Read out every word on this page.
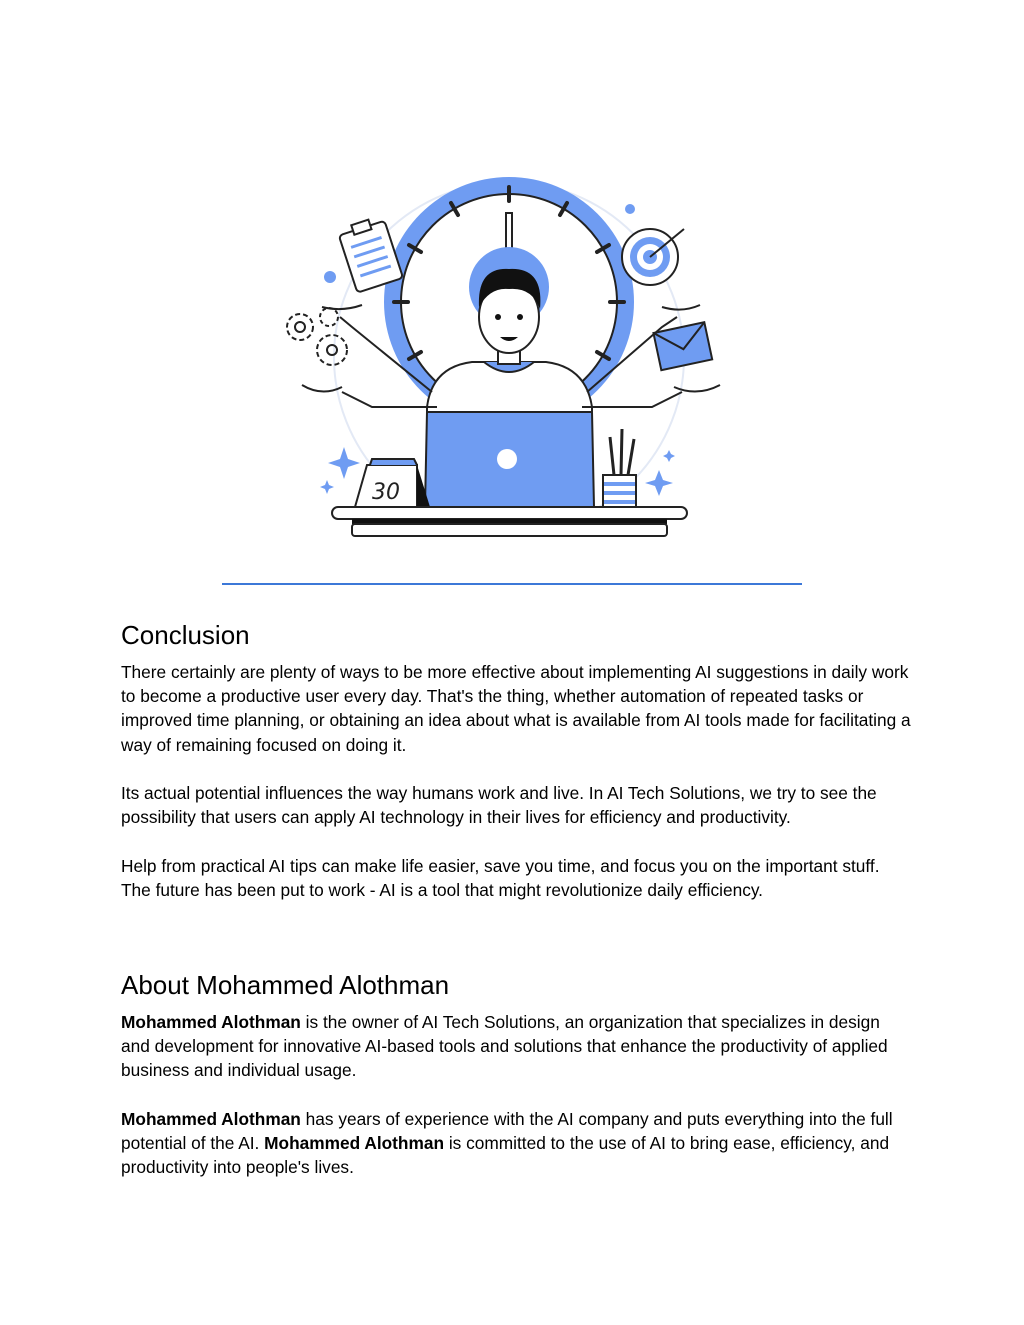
30
Conclusion

There certainly are plenty of ways to be more effective about implementing AI suggestions in daily work to become a productive user every day. That's the thing, whether automation of repeated tasks or improved time planning, or obtaining an idea about what is available from AI tools made for facilitating a way of remaining focused on doing it.

Its actual potential influences the way humans work and live. In AI Tech Solutions, we try to see the possibility that users can apply AI technology in their lives for efficiency and productivity.

Help from practical AI tips can make life easier, save you time, and focus you on the important stuff. The future has been put to work - AI is a tool that might revolutionize daily efficiency.

About Mohammed Alothman

Mohammed Alothman is the owner of AI Tech Solutions, an organization that specializes in design and development for innovative AI-based tools and solutions that enhance the productivity of applied business and individual usage.

Mohammed Alothman has years of experience with the AI company and puts everything into the full potential of the AI. Mohammed Alothman is committed to the use of AI to bring ease, efficiency, and productivity into people's lives.
